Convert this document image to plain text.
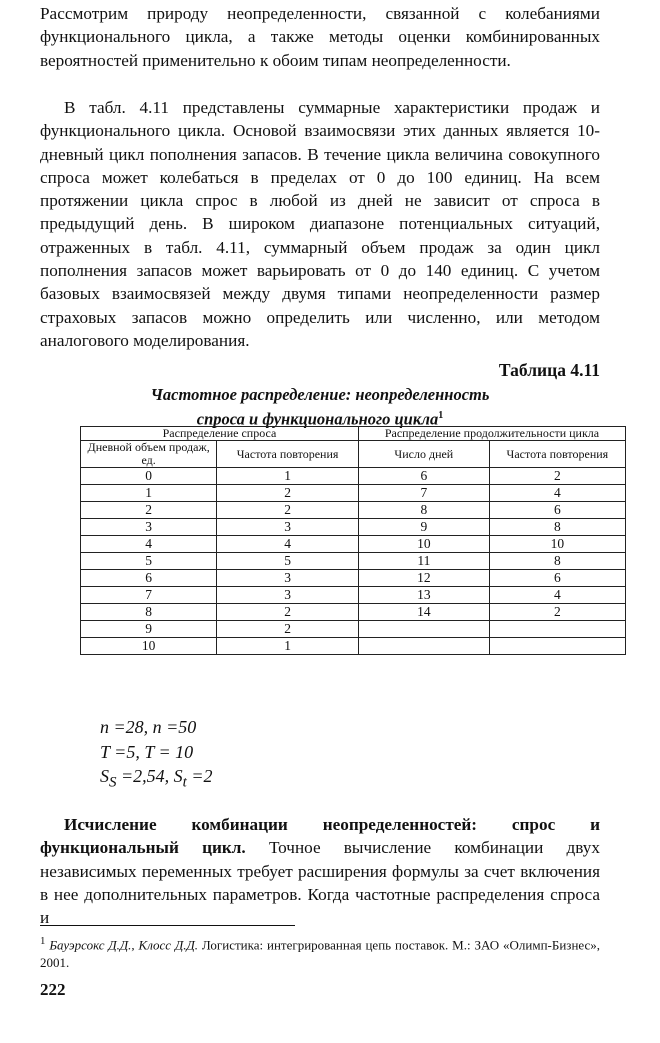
Рассмотрим природу неопределенности, связанной с колебаниями функционального цикла, а также методы оценки комбинированных вероятностей применительно к обоим типам неопределенности.

В табл. 4.11 представлены суммарные характеристики продаж и функционального цикла. Основой взаимосвязи этих данных является 10-дневный цикл пополнения запасов. В течение цикла величина совокупного спроса может колебаться в пределах от 0 до 100 единиц. На всем протяжении цикла спрос в любой из дней не зависит от спроса в предыдущий день. В широком диапазоне потенциальных ситуаций, отраженных в табл. 4.11, суммарный объем продаж за один цикл пополнения запасов может варьировать от 0 до 140 единиц. С учетом базовых взаимосвязей между двумя типами неопределенности размер страховых запасов можно определить или численно, или методом аналогового моделирования.

Таблица 4.11
Частотное распределение: неопределенность
спроса и функционального цикла$^1$
Распределение спроса		Распределение продолжительности цикла	
Дневной объем продаж, ед.	Частота повторения	Число дней	Частота повторения
0	1	6	2
1	2	7	4
2	2	8	6
3	3	9	8
4	4	10	10
5	5	11	8
6	3	12	6
7	3	13	4
8	2	14	2
9	2		
10	1		
n =28, n =50
T =5, T = 10
$S_S =2,54$, $S_t =2$

Исчисление комбинации неопределенностей: спрос и функциональный цикл. Точное вычисление комбинации двух независимых переменных требует расширения формулы за счет включения в нее дополнительных параметров. Когда частотные распределения спроса и

$^1$ Бауэрсокс Д.Д., Клосс Д.Д. Логистика: интегрированная цепь поставок. М.: ЗАО «Олимп-Бизнес», 2001.
222
